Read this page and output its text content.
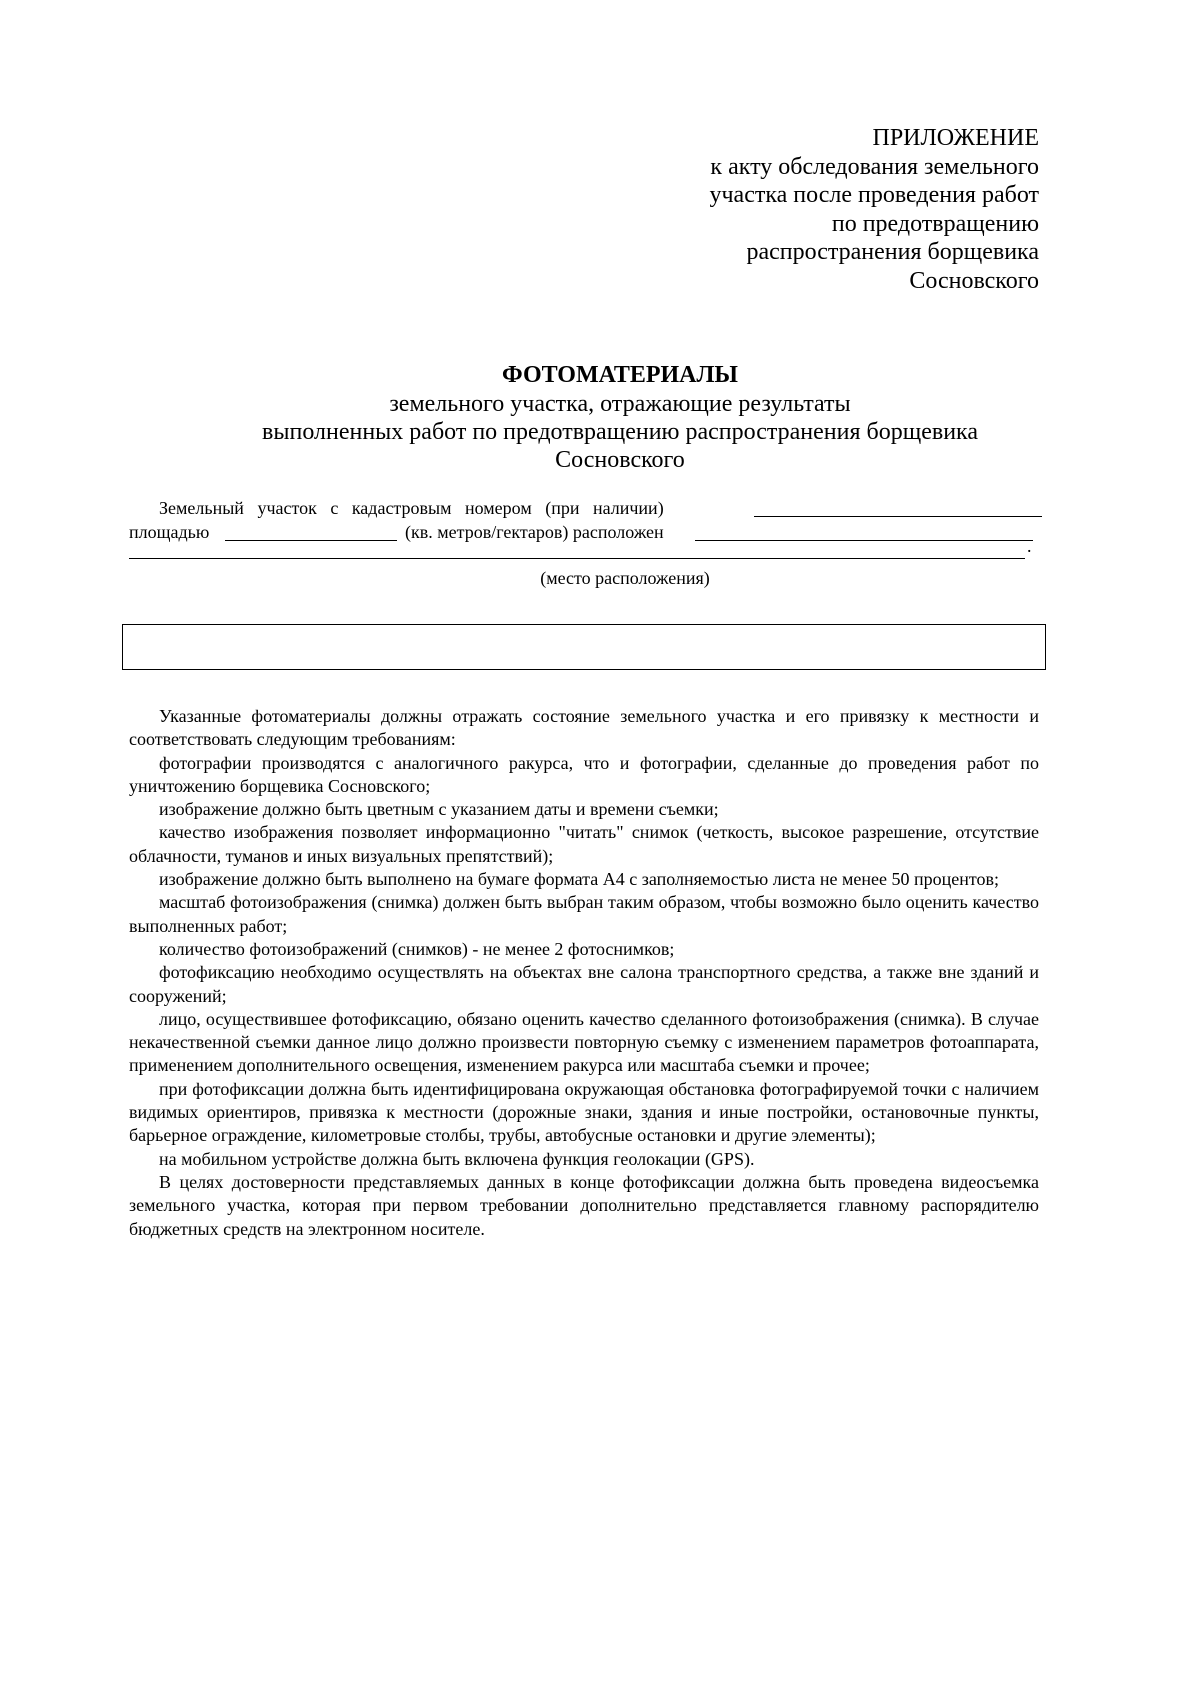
ПРИЛОЖЕНИЕ
к акту обследования земельного
участка после проведения работ
по предотвращению
распространения борщевика
Сосновского
ФОТОМАТЕРИАЛЫ
земельного участка, отражающие результаты
выполненных работ по предотвращению распространения борщевика
Сосновского
Земельный участок с кадастровым номером (при наличии)
площадью	(кв. метров/гектаров) расположен
.
(место расположения)

Указанные фотоматериалы должны отражать состояние земельного участка и его привязку к местности и соответствовать следующим требованиям:

фотографии производятся с аналогичного ракурса, что и фотографии, сделанные до проведения работ по уничтожению борщевика Сосновского;

изображение должно быть цветным с указанием даты и времени съемки;

качество изображения позволяет информационно "читать" снимок (четкость, высокое разрешение, отсутствие облачности, туманов и иных визуальных препятствий);

изображение должно быть выполнено на бумаге формата А4 с заполняемостью листа не менее 50 процентов;

масштаб фотоизображения (снимка) должен быть выбран таким образом, чтобы возможно было оценить качество выполненных работ;

количество фотоизображений (снимков) - не менее 2 фотоснимков;

фотофиксацию необходимо осуществлять на объектах вне салона транспортного средства, а также вне зданий и сооружений;

лицо, осуществившее фотофиксацию, обязано оценить качество сделанного фотоизображения (снимка). В случае некачественной съемки данное лицо должно произвести повторную съемку с изменением параметров фотоаппарата, применением дополнительного освещения, изменением ракурса или масштаба съемки и прочее;

при фотофиксации должна быть идентифицирована окружающая обстановка фотографируемой точки с наличием видимых ориентиров, привязка к местности (дорожные знаки, здания и иные постройки, остановочные пункты, барьерное ограждение, километровые столбы, трубы, автобусные остановки и другие элементы);

на мобильном устройстве должна быть включена функция геолокации (GPS).

В целях достоверности представляемых данных в конце фотофиксации должна быть проведена видеосъемка земельного участка, которая при первом требовании дополнительно представляется главному распорядителю бюджетных средств на электронном носителе.
